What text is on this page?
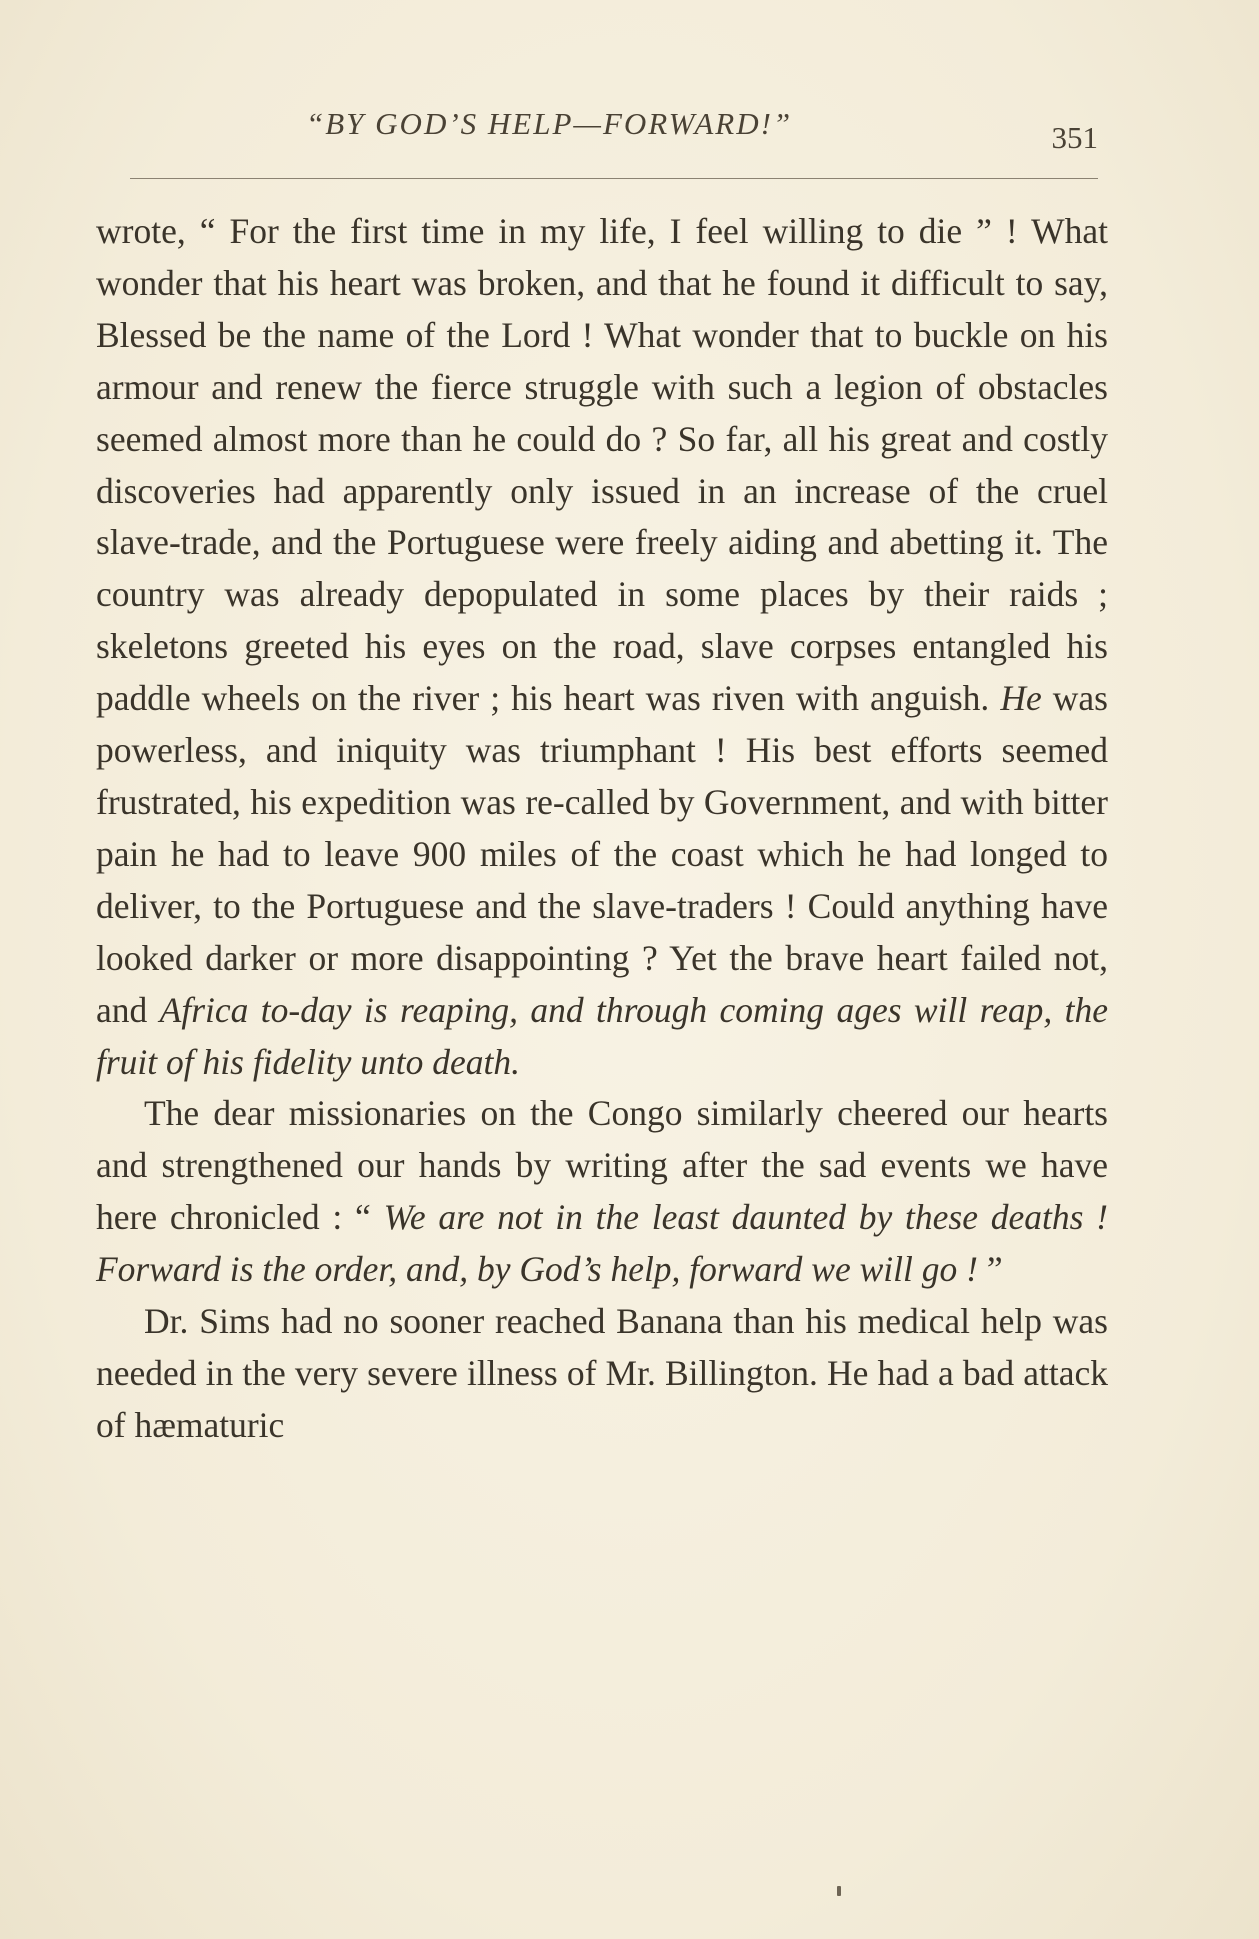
“BY GOD’S HELP—FORWARD!”	351

wrote, “ For the first time in my life, I feel willing to die ” ! What wonder that his heart was broken, and that he found it difficult to say, Blessed be the name of the Lord ! What wonder that to buckle on his armour and renew the fierce struggle with such a legion of obstacles seemed almost more than he could do ? So far, all his great and costly discoveries had apparently only issued in an increase of the cruel slave-trade, and the Portuguese were freely aiding and abetting it. The country was already depopulated in some places by their raids ; skeletons greeted his eyes on the road, slave corpses entangled his paddle wheels on the river ; his heart was riven with anguish. He was powerless, and iniquity was triumphant ! His best efforts seemed frustrated, his expedition was re-called by Government, and with bitter pain he had to leave 900 miles of the coast which he had longed to deliver, to the Portuguese and the slave-traders ! Could anything have looked darker or more disappointing ? Yet the brave heart failed not, and Africa to-day is reaping, and through coming ages will reap, the fruit of his fidelity unto death.

The dear missionaries on the Congo similarly cheered our hearts and strengthened our hands by writing after the sad events we have here chronicled : “ We are not in the least daunted by these deaths ! Forward is the order, and, by God’s help, forward we will go ! ”

Dr. Sims had no sooner reached Banana than his medical help was needed in the very severe illness of Mr. Billington. He had a bad attack of hæmaturic
